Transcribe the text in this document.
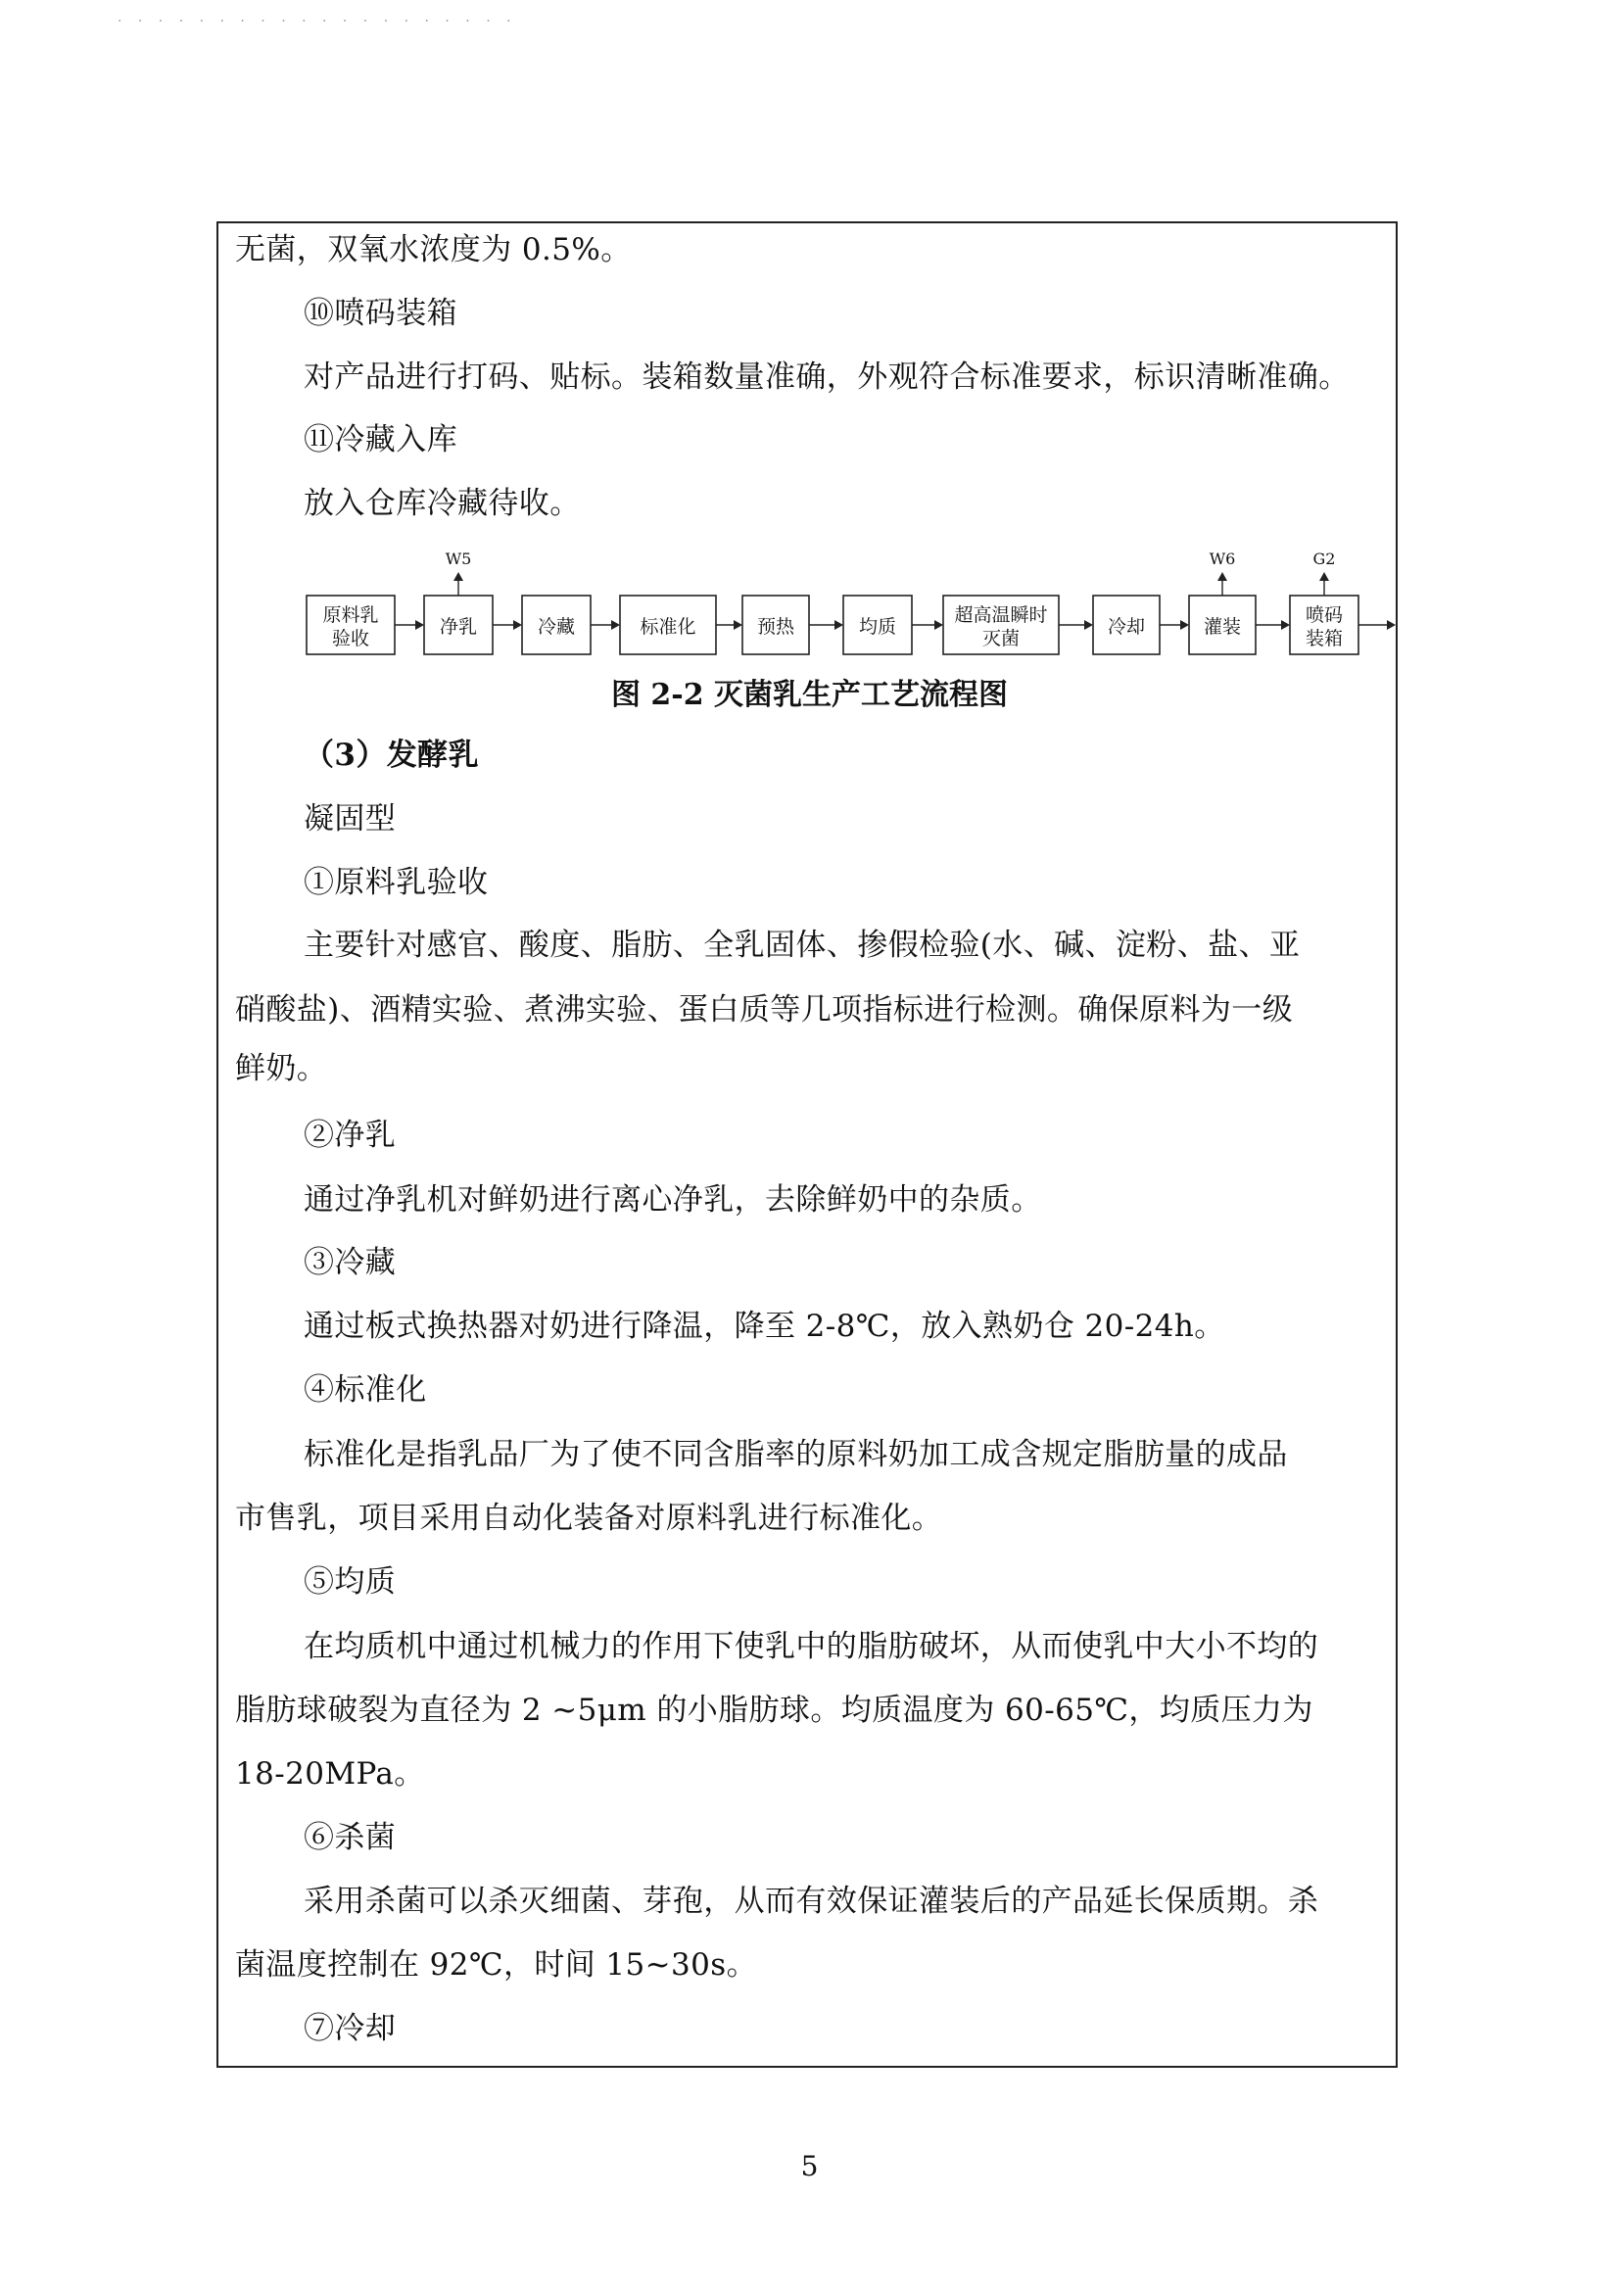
. . . . . . . . . . . . . . . . . . . .
无菌，双氧水浓度为 0.5%。
⑩喷码装箱
对产品进行打码、贴标。装箱数量准确，外观符合标准要求，标识清晰准确。
⑪冷藏入库
放入仓库冷藏待收。
原料乳
验收
净乳	冷藏	标准化	预热	均质
超高温瞬时
灭菌
冷却	灌装
喷码
装箱
W5	W6	G2
图 2-2 灭菌乳生产工艺流程图
（3）发酵乳
凝固型
①原料乳验收
主要针对感官、酸度、脂肪、全乳固体、掺假检验(水、碱、淀粉、盐、亚
硝酸盐)、酒精实验、煮沸实验、蛋白质等几项指标进行检测。确保原料为一级
鲜奶。
②净乳
通过净乳机对鲜奶进行离心净乳，去除鲜奶中的杂质。
③冷藏
通过板式换热器对奶进行降温，降至 2-8℃，放入熟奶仓 20-24h。
④标准化
标准化是指乳品厂为了使不同含脂率的原料奶加工成含规定脂肪量的成品
市售乳，项目采用自动化装备对原料乳进行标准化。
⑤均质
在均质机中通过机械力的作用下使乳中的脂肪破坏，从而使乳中大小不均的
脂肪球破裂为直径为 2 ~5μm 的小脂肪球。均质温度为 60-65℃，均质压力为
18-20MPa。
⑥杀菌
采用杀菌可以杀灭细菌、芽孢，从而有效保证灌装后的产品延长保质期。杀
菌温度控制在 92℃，时间 15~30s。
⑦冷却
5
